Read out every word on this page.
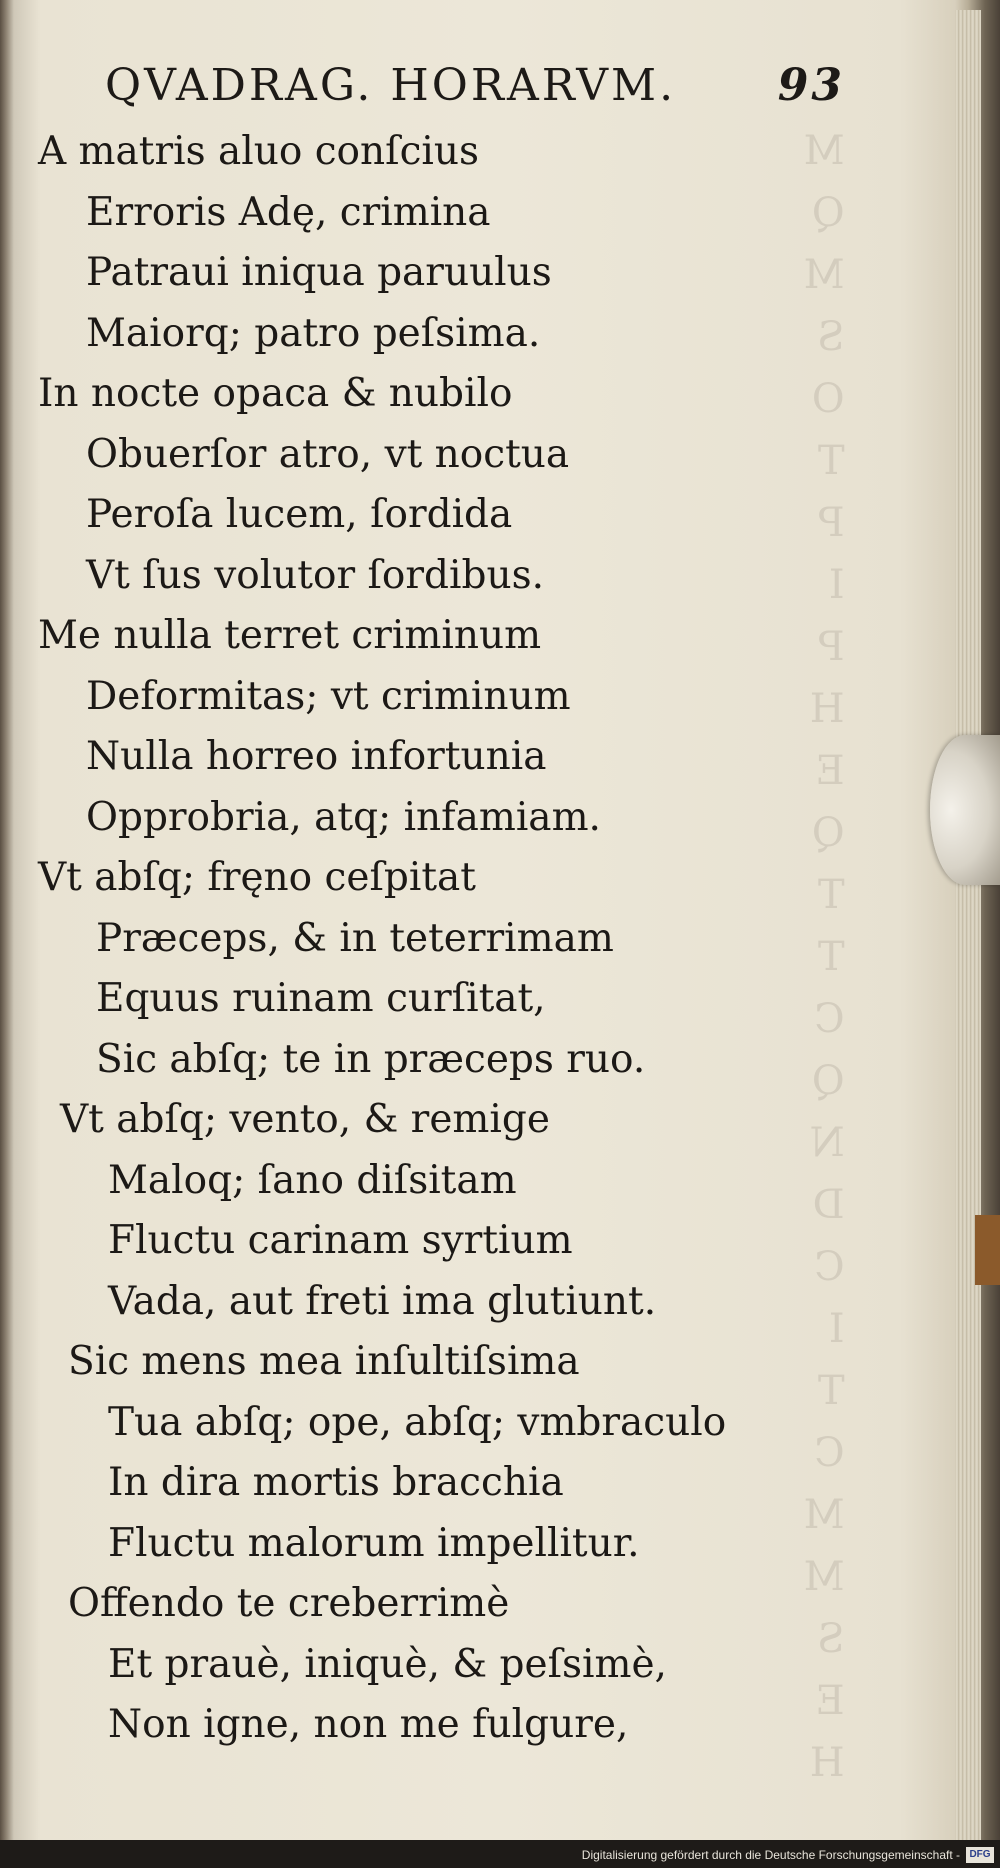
QVADRAG. HORARVM. 93
A matris aluo conſcius
Erroris Adę, crimina
Patraui iniqua paruulus
Maiorq; patro peſsima.
In nocte opaca & nubilo
Obuerſor atro, vt noctua
Peroſa lucem, ſordida
Vt ſus volutor ſordibus.
Me nulla terret criminum
Deformitas; vt criminum
Nulla horreo infortunia
Opprobria, atq; infamiam.
Vt abſq; fręno ceſpitat
Præceps, & in teterrimam
Equus ruinam curſitat,
Sic abſq; te in præceps ruo.
Vt abſq; vento, & remige
Maloq; ſano diſsitam
Fluctu carinam syrtium
Vada, aut freti ima glutiunt.
Sic mens mea inſultiſsima
Tua abſq; ope, abſq; vmbraculo
In dira mortis bracchia
Fluctu malorum impellitur.
Offendo te creberrimè
Et prauè, iniquè, & peſsimè,
Non igne, non me fulgure,
Digitalisierung gefördert durch die Deutsche Forschungsgemeinschaft - DFG
